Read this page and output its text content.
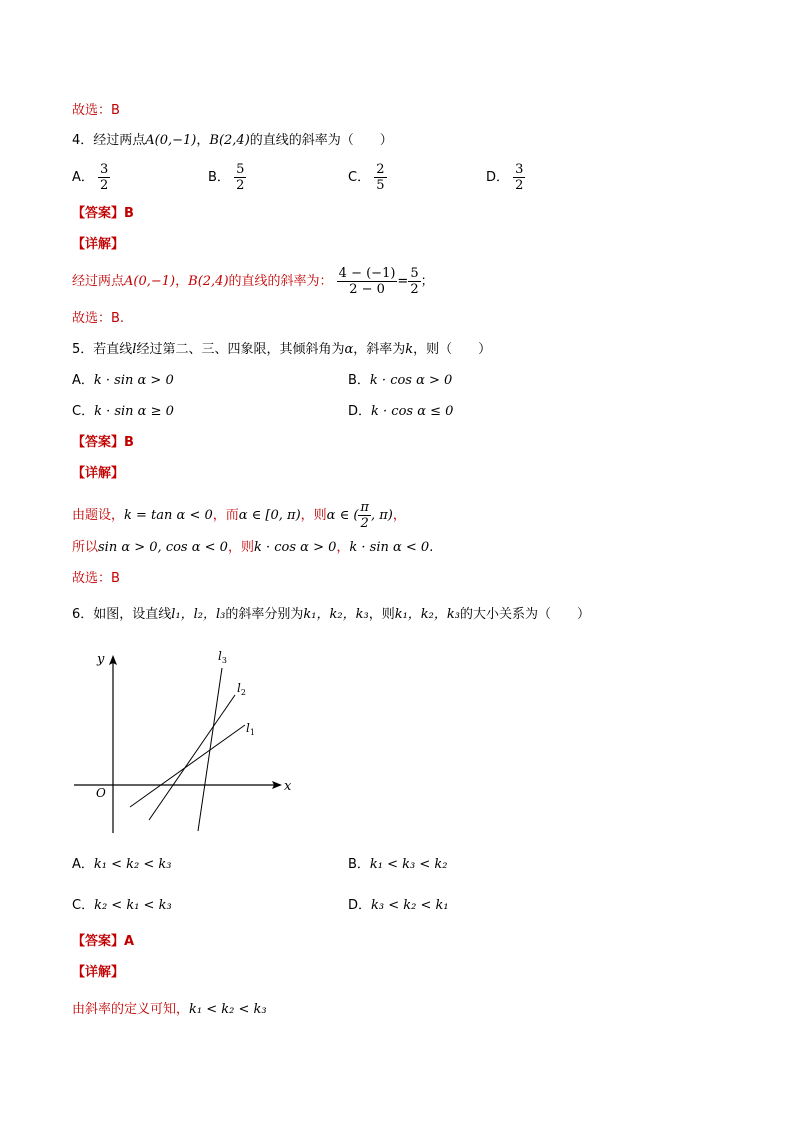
故选：B
4．经过两点A(0,−1)，B(2,4)的直线的斜率为（　　）
A． $\frac{3}{2}$	B． $\frac{5}{2}$	C． $\frac{2}{5}$	D． $\frac{3}{2}$
【答案】B
【详解】
经过两点A(0,−1)，B(2,4)的直线的斜率为： $\frac{4 - (-1)}{2 - 0} = \frac{5}{2}$ ；
故选：B.
5．若直线l经过第二、三、四象限，其倾斜角为α，斜率为k，则（　　）
A．k · sin α > 0	B．k · cos α > 0
C．k · sin α ≥ 0	D．k · cos α ≤ 0
【答案】B
【详解】
由题设，k = tan α < 0，而α ∈ [0, π)，则α ∈ ( $\frac{\pi}{2}$ , π)，
所以sin α > 0, cos α < 0，则k · cos α > 0，k · sin α < 0.
故选：B
6．如图，设直线l₁，l₂，l₃的斜率分别为k₁，k₂，k₃，则k₁，k₂，k₃的大小关系为（　　）
x
y
O
$l_1$
$l_2$
$l_3$
A．k₁ < k₂ < k₃	B．k₁ < k₃ < k₂
C．k₂ < k₁ < k₃	D．k₃ < k₂ < k₁
【答案】A
【详解】
由斜率的定义可知，k₁ < k₂ < k₃
